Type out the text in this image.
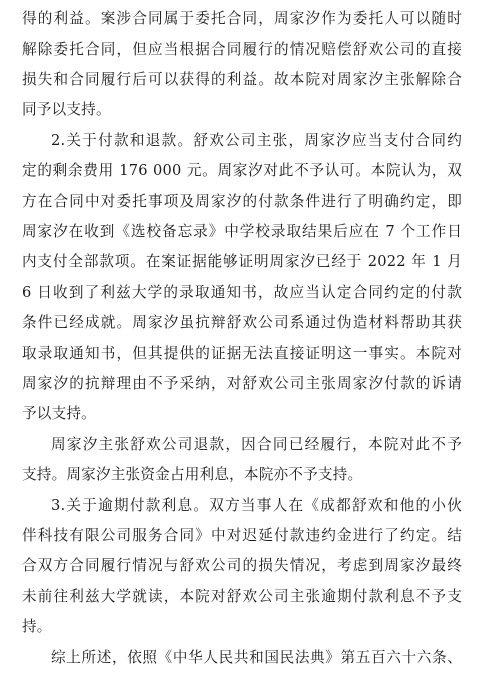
得的利益。案涉合同属于委托合同，周家汐作为委托人可以随时
解除委托合同，但应当根据合同履行的情况赔偿舒欢公司的直接
损失和合同履行后可以获得的利益。故本院对周家汐主张解除合
同予以支持。
2.关于付款和退款。舒欢公司主张，周家汐应当支付合同约
定的剩余费用 176 000 元。周家汐对此不予认可。本院认为，双
方在合同中对委托事项及周家汐的付款条件进行了明确约定，即
周家汐在收到《选校备忘录》中学校录取结果后应在 7 个工作日
内支付全部款项。在案证据能够证明周家汐已经于 2022 年 1 月
6 日收到了利兹大学的录取通知书，故应当认定合同约定的付款
条件已经成就。周家汐虽抗辩舒欢公司系通过伪造材料帮助其获
取录取通知书，但其提供的证据无法直接证明这一事实。本院对
周家汐的抗辩理由不予采纳，对舒欢公司主张周家汐付款的诉请
予以支持。
周家汐主张舒欢公司退款，因合同已经履行，本院对此不予
支持。周家汐主张资金占用利息，本院亦不予支持。
3.关于逾期付款利息。双方当事人在《成都舒欢和他的小伙
伴科技有限公司服务合同》中对迟延付款违约金进行了约定。结
合双方合同履行情况与舒欢公司的损失情况，考虑到周家汐最终
未前往利兹大学就读，本院对舒欢公司主张逾期付款利息不予支
持。
综上所述，依照《中华人民共和国民法典》第五百六十六条、
